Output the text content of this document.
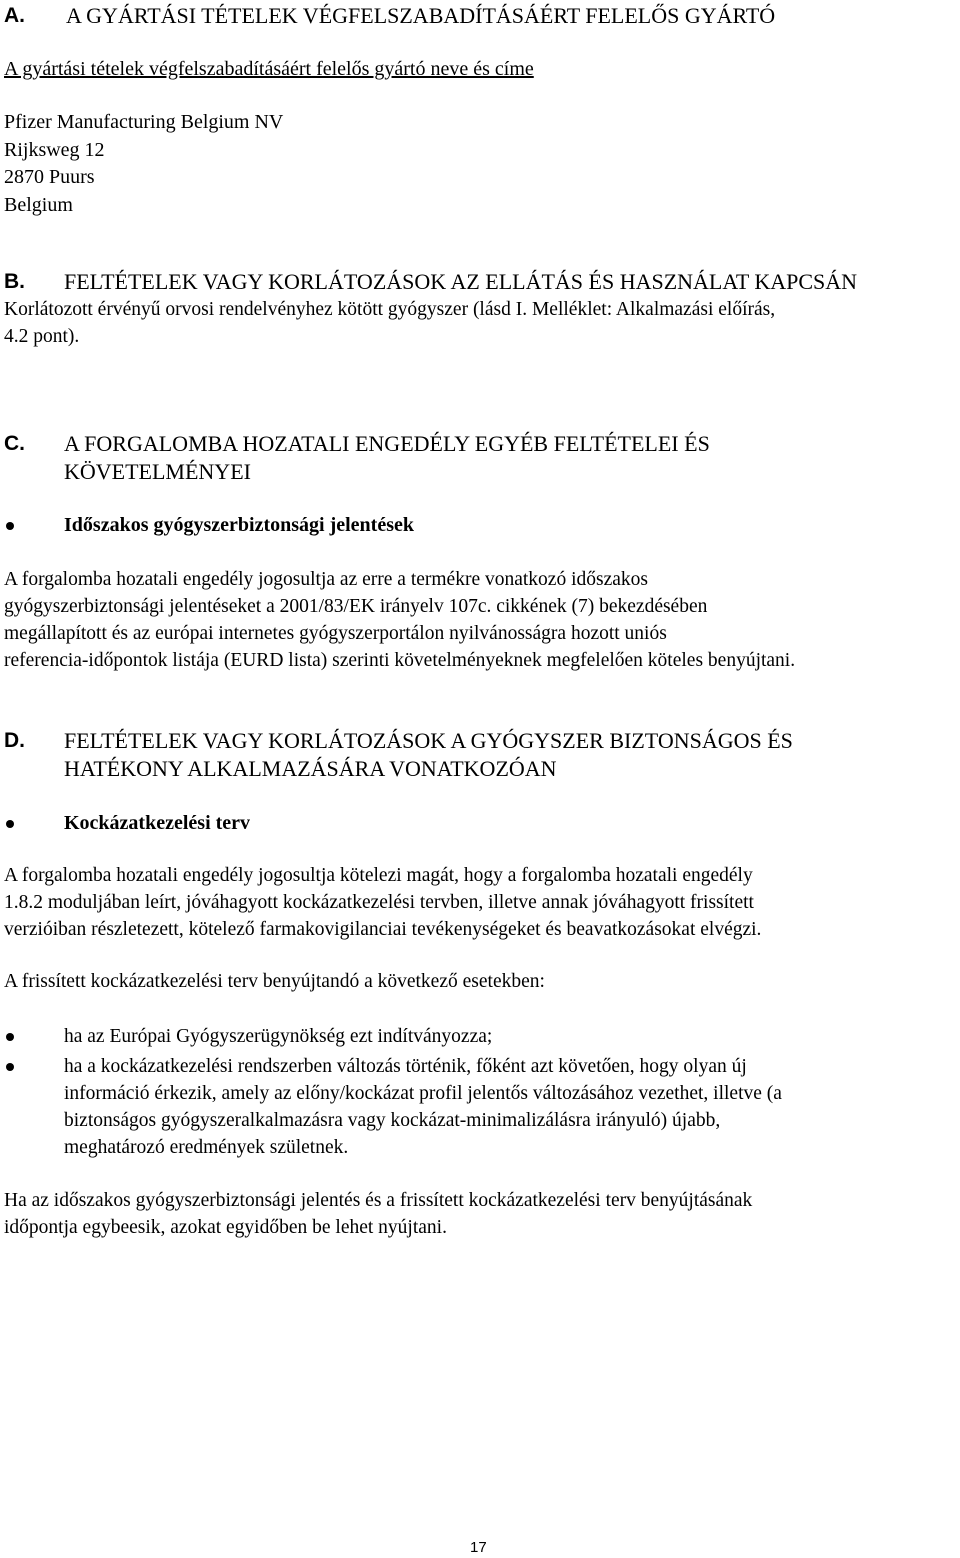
A. A GYÁRTÁSI TÉTELEK VÉGFELSZABADÍTÁSÁÉRT FELELŐS GYÁRTÓ
A gyártási tételek végfelszabadításáért felelős gyártó neve és címe
Pfizer Manufacturing Belgium NV
Rijksweg 12
2870 Puurs
Belgium
B. FELTÉTELEK VAGY KORLÁTOZÁSOK AZ ELLÁTÁS ÉS HASZNÁLAT KAPCSÁN
Korlátozott érvényű orvosi rendelvényhez kötött gyógyszer (lásd I. Melléklet: Alkalmazási előírás,
4.2 pont).
C. A FORGALOMBA HOZATALI ENGEDÉLY EGYÉB FELTÉTELEI ÉS
KÖVETELMÉNYEI
Időszakos gyógyszerbiztonsági jelentések
A forgalomba hozatali engedély jogosultja az erre a termékre vonatkozó időszakos
gyógyszerbiztonsági jelentéseket a 2001/83/EK irányelv 107c. cikkének (7) bekezdésében
megállapított és az európai internetes gyógyszerportálon nyilvánosságra hozott uniós
referencia-időpontok listája (EURD lista) szerinti követelményeknek megfelelően köteles benyújtani.
D. FELTÉTELEK VAGY KORLÁTOZÁSOK A GYÓGYSZER BIZTONSÁGOS ÉS
HATÉKONY ALKALMAZÁSÁRA VONATKOZÓAN
Kockázatkezelési terv
A forgalomba hozatali engedély jogosultja kötelezi magát, hogy a forgalomba hozatali engedély
1.8.2 moduljában leírt, jóváhagyott kockázatkezelési tervben, illetve annak jóváhagyott frissített
verzióiban részletezett, kötelező farmakovigilanciai tevékenységeket és beavatkozásokat elvégzi.
A frissített kockázatkezelési terv benyújtandó a következő esetekben:
ha az Európai Gyógyszerügynökség ezt indítványozza;
ha a kockázatkezelési rendszerben változás történik, főként azt követően, hogy olyan új
információ érkezik, amely az előny/kockázat profil jelentős változásához vezethet, illetve (a
biztonságos gyógyszeralkalmazásra vagy kockázat-minimalizálásra irányuló) újabb,
meghatározó eredmények születnek.
Ha az időszakos gyógyszerbiztonsági jelentés és a frissített kockázatkezelési terv benyújtásának
időpontja egybeesik, azokat egyidőben be lehet nyújtani.
17
